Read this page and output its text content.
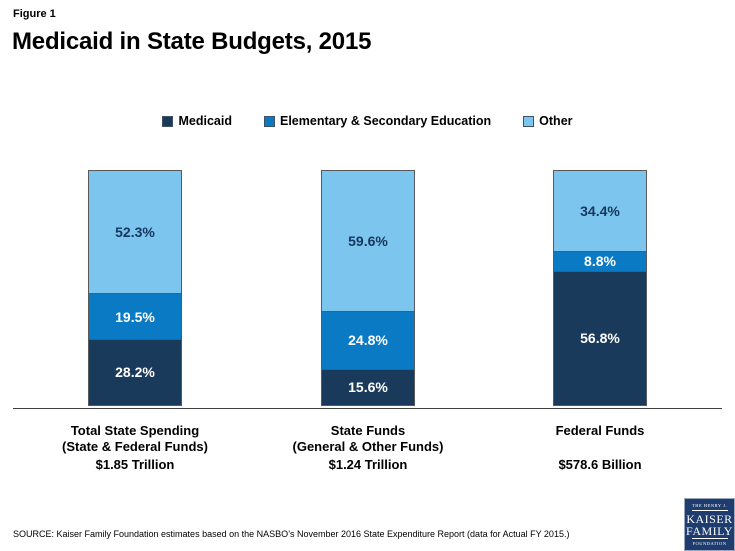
Figure 1
Medicaid in State Budgets, 2015
Medicaid	Elementary & Secondary Education	Other
52.3%
19.5%
28.2%
59.6%
24.8%
15.6%
34.4%
8.8%
56.8%
Total State Spending
(State & Federal Funds)
$1.85 Trillion
State Funds
(General & Other Funds)
$1.24 Trillion
Federal Funds
$578.6 Billion
SOURCE: Kaiser Family Foundation estimates based on the NASBO’s November 2016 State Expenditure Report (data for Actual FY 2015.)
THE HENRY J.
KAISER
FAMILY
FOUNDATION
